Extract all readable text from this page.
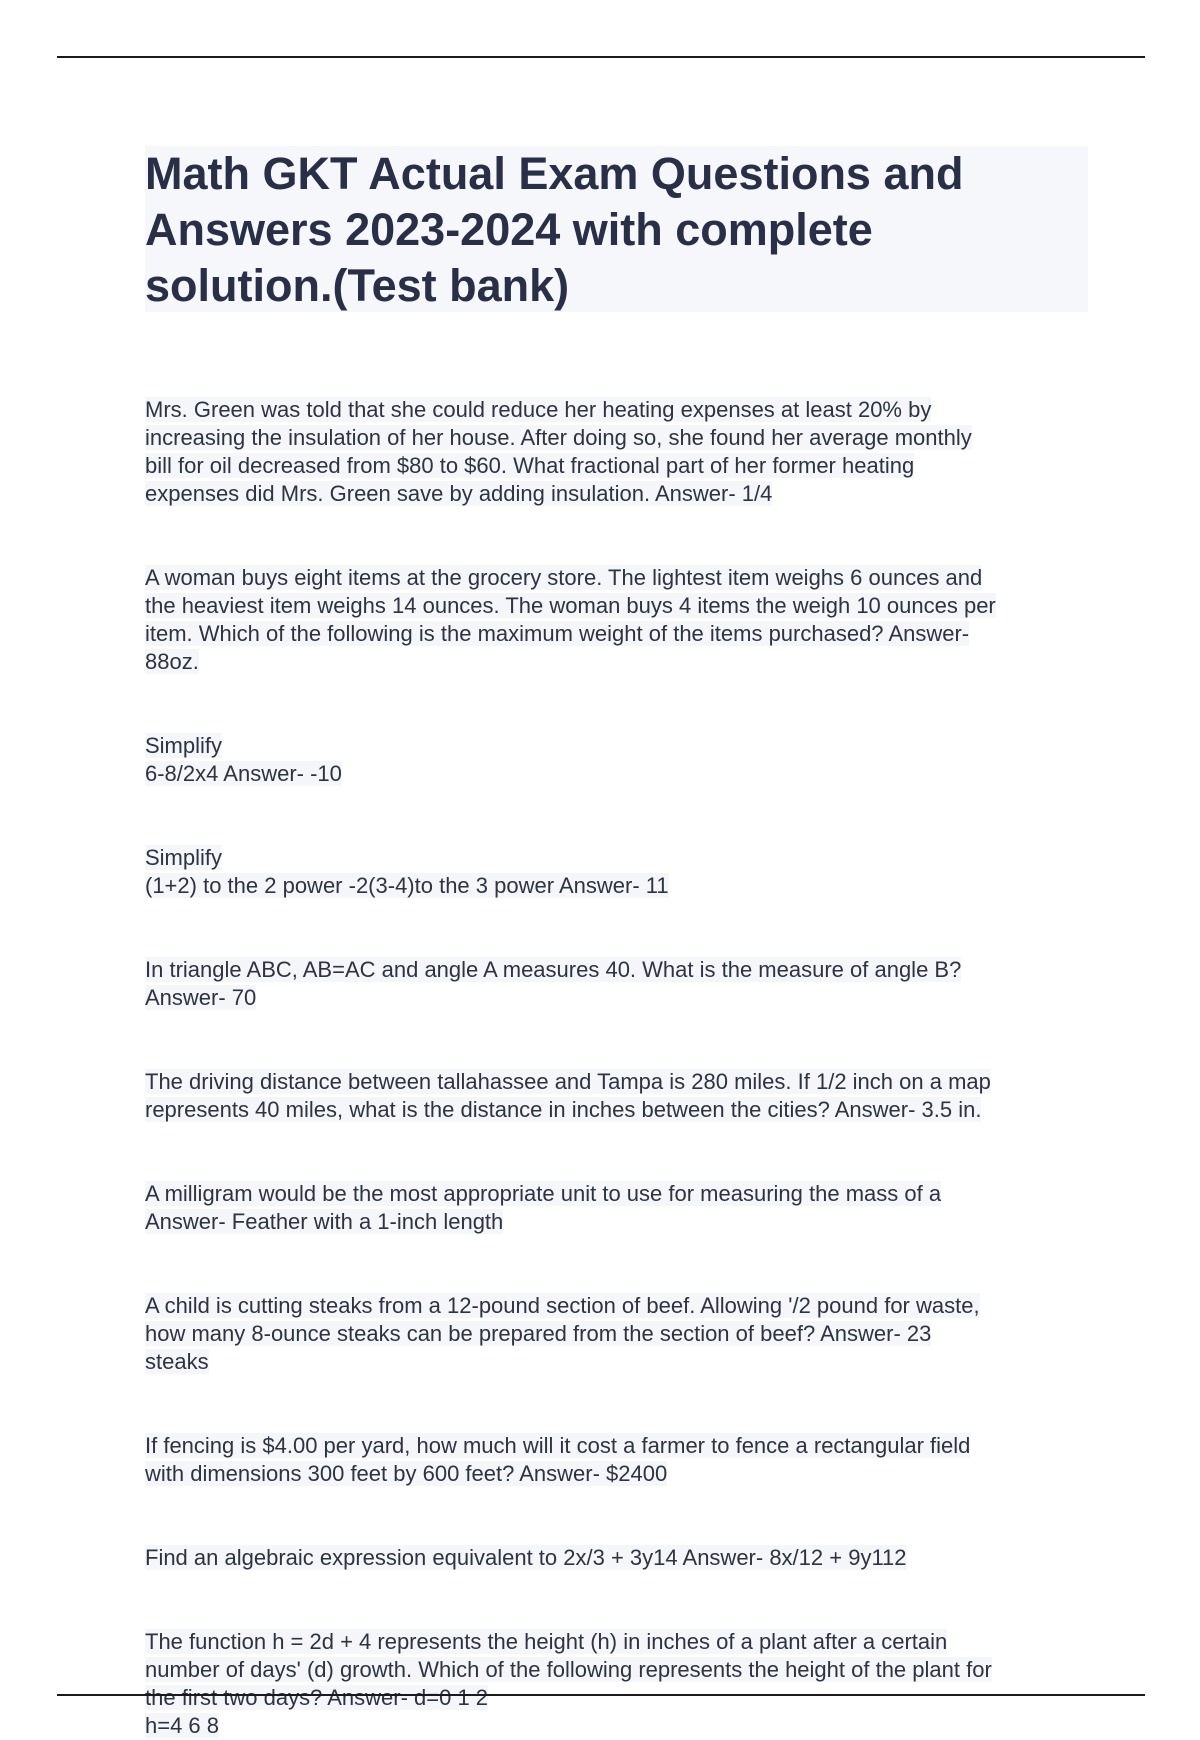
Math GKT Actual Exam Questions and
Answers 2023-2024 with complete
solution.(Test bank)

Mrs. Green was told that she could reduce her heating expenses at least 20% by
increasing the insulation of her house. After doing so, she found her average monthly
bill for oil decreased from $80 to $60. What fractional part of her former heating
expenses did Mrs. Green save by adding insulation. Answer- 1/4

A woman buys eight items at the grocery store. The lightest item weighs 6 ounces and
the heaviest item weighs 14 ounces. The woman buys 4 items the weigh 10 ounces per
item. Which of the following is the maximum weight of the items purchased? Answer-
88oz.

Simplify
6-8/2x4 Answer- -10

Simplify
(1+2) to the 2 power -2(3-4)to the 3 power Answer- 11

In triangle ABC, AB=AC and angle A measures 40. What is the measure of angle B?
Answer- 70

The driving distance between tallahassee and Tampa is 280 miles. If 1/2 inch on a map
represents 40 miles, what is the distance in inches between the cities? Answer- 3.5 in.

A milligram would be the most appropriate unit to use for measuring the mass of a
Answer- Feather with a 1-inch length

A child is cutting steaks from a 12-pound section of beef. Allowing '/2 pound for waste,
how many 8-ounce steaks can be prepared from the section of beef? Answer- 23
steaks

If fencing is $4.00 per yard, how much will it cost a farmer to fence a rectangular field
with dimensions 300 feet by 600 feet? Answer- $2400

Find an algebraic expression equivalent to 2x/3 + 3y14 Answer- 8x/12 + 9y112

The function h = 2d + 4 represents the height (h) in inches of a plant after a certain
number of days' (d) growth. Which of the following represents the height of the plant for
the first two days? Answer- d=0 1 2
h=4 6 8
